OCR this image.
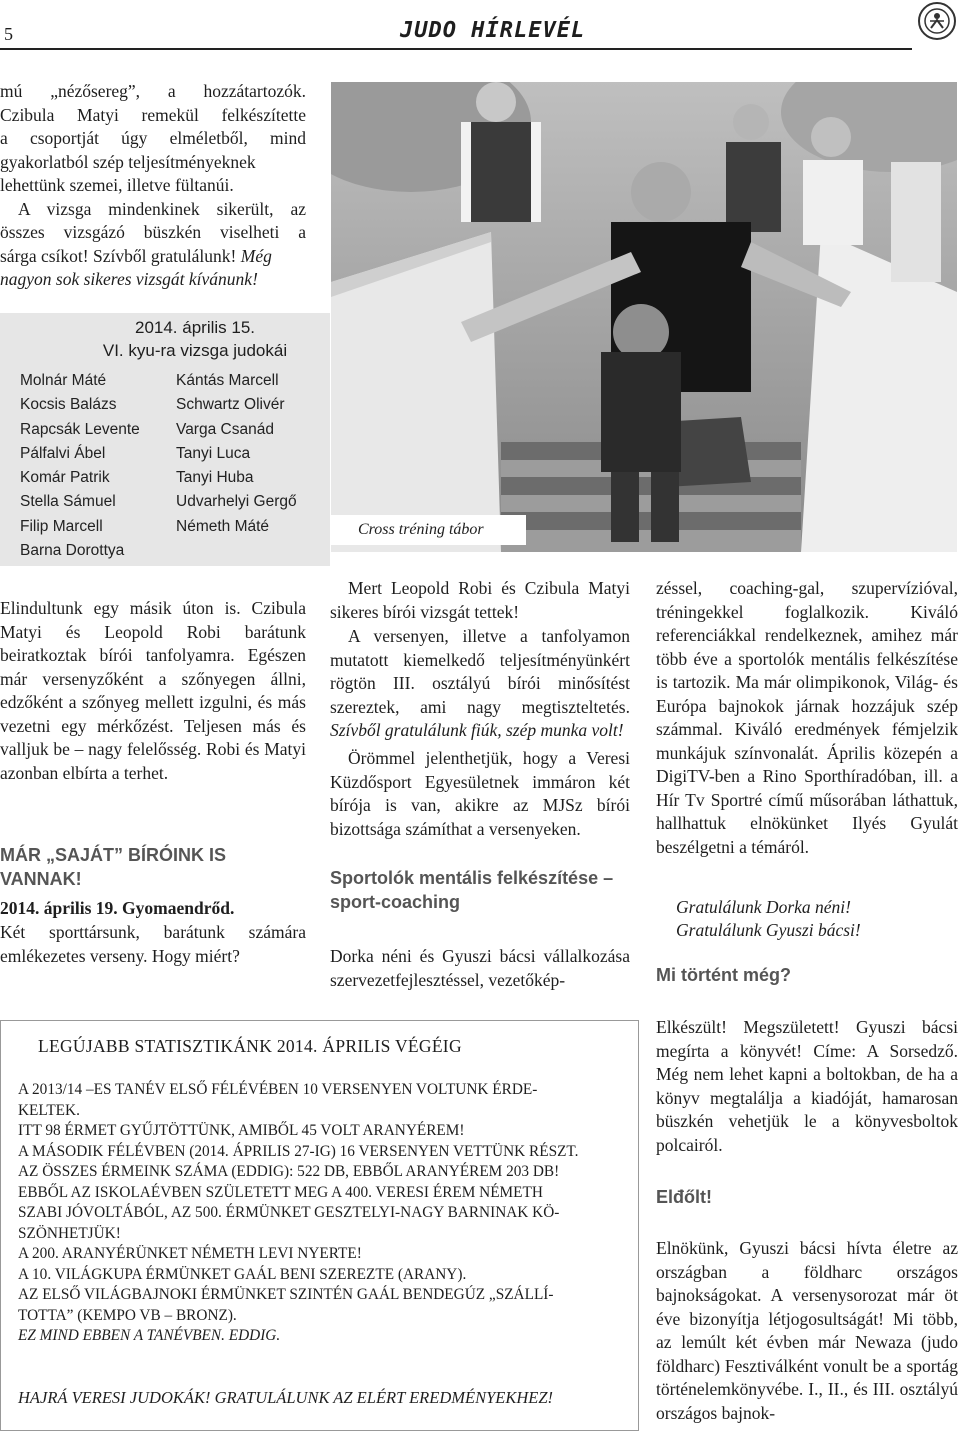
5	JUDO HÍRLEVÉL
mú „nézősereg”, a hozzátartozók.
Czibula Matyi remekül felkészítette
a csoportját úgy elméletből, mind
gyakorlatból szép teljesítményeknek
lehettünk szemei, illetve fültanúi.
A vizsga mindenkinek sikerült, az
összes vizsgázó büszkén viselheti a
sárga csíkot! Szívből gratulálunk! Még
nagyon sok sikeres vizsgát kívánunk!
2014. április 15.
VI. kyu-ra vizsga judokái
Molnár Máté
Kocsis Balázs
Rapcsák Levente
Pálfalvi Ábel
Komár Patrik
Stella Sámuel
Filip Marcell
Barna Dorottya
Kántás Marcell
Schwartz Olivér
Varga Csanád
Tanyi Luca
Tanyi Huba
Udvarhelyi Gergő
Németh Máté	Cross tréning tábor
Elindultunk egy másik úton is. Czibula Matyi és Leopold Robi barátunk beiratkoztak bírói tanfolyamra. Egészen már versenyzőként a szőnyegen állni, edzőként a szőnyeg mellett izgulni, és más vezetni egy mérkőzést. Teljesen más és valljuk be – nagy felelősség. Robi és Matyi azonban elbírta a terhet.
MÁR „SAJÁT” BÍRÓINK IS VANNAK!
2014. április 19. Gyomaendrőd.
Két sporttársunk, barátunk számára emlékezetes verseny. Hogy miért?
Mert Leopold Robi és Czibula Matyi sikeres bírói vizsgát tettek!
A versenyen, illetve a tanfolyamon mutatott kiemelkedő teljesítményünkért rögtön III. osztályú bírói minősítést szereztek, ami nagy megtiszteltetés. Szívből gratulálunk fiúk, szép munka volt!
Örömmel jelenthetjük, hogy a Veresi Küzdősport Egyesületnek immáron két bírója is van, akikre az MJSz bírói bizottsága számíthat a versenyeken.
Sportolók mentális felkészítése – sport-coaching
Dorka néni és Gyuszi bácsi vállalkozása szervezetfejlesztéssel, vezetőkép-
zéssel, coaching-gal, szupervízióval, tréningekkel foglalkozik. Kiváló referenciákkal rendelkeznek, amihez már több éve a sportolók mentális felkészítése is tartozik. Ma már olimpikonok, Világ- és Európa bajnokok járnak hozzájuk szép számmal. Kiváló eredmények fémjelzik munkájuk színvonalát. Április közepén a DigiTV-ben a Rino Sporthíradóban, ill. a Hír Tv Sportré című műsorában láthattuk, hallhattuk elnökünket Ilyés Gyulát beszélgetni a témáról.
Gratulálunk Dorka néni!
Gratulálunk Gyuszi bácsi!
Mi történt még?
Elkészült! Megszületett! Gyuszi bácsi megírta a könyvét! Címe: A Sorsedző. Még nem lehet kapni a boltokban, de ha a könyv megtalálja a kiadóját, hamarosan büszkén vehetjük le a könyvesboltok polcairól.
Elđőlt!
Elnökünk, Gyuszi bácsi hívta életre az országban a földharc országos bajnokságokat. A versenysorozat már öt éve bizonyítja létjogosultságát! Mi több, az lemúlt két évben már Newaza (judo földharc) Fesztiválként vonult be a sportág történelemkönyvébe. I., II., és III. osztályú országos bajnok-
LEGÚJABB STATISZTIKÁNK 2014. ÁPRILIS VÉGÉIG
A 2013/14 –ES TANÉV ELSŐ FÉLÉVÉBEN 10 VERSENYEN VOLTUNK ÉRDE-
KELTEK.
ITT 98 ÉRMET GYŰJTÖTTÜNK, AMIBŐL 45 VOLT ARANYÉREM!
A MÁSODIK FÉLÉVBEN (2014. ÁPRILIS 27-IG) 16 VERSENYEN VETTÜNK RÉSZT.
AZ ÖSSZES ÉRMEINK SZÁMA (EDDIG): 522 DB, EBBŐL ARANYÉREM 203 DB!
EBBŐL AZ ISKOLAÉVBEN SZÜLETETT MEG A 400. VERESI ÉREM NÉMETH
SZABI JÓVOLTÁBÓL, AZ 500. ÉRMÜNKET GESZTELYI-NAGY BARNINAK KÖ-
SZÖNHETJÜK!
A 200. ARANYÉRÜNKET NÉMETH LEVI NYERTE!
A 10. VILÁGKUPA ÉRMÜNKET GAÁL BENI SZEREZTE (ARANY).
AZ ELSŐ VILÁGBAJNOKI ÉRMÜNKET SZINTÉN GAÁL BENDEGÚZ „SZÁLLÍ-
TOTTA” (KEMPO VB – BRONZ).
EZ MIND EBBEN A TANÉVBEN. EDDIG.
HAJRÁ VERESI JUDOKÁK! GRATULÁLUNK AZ ELÉRT EREDMÉNYEKHEZ!
